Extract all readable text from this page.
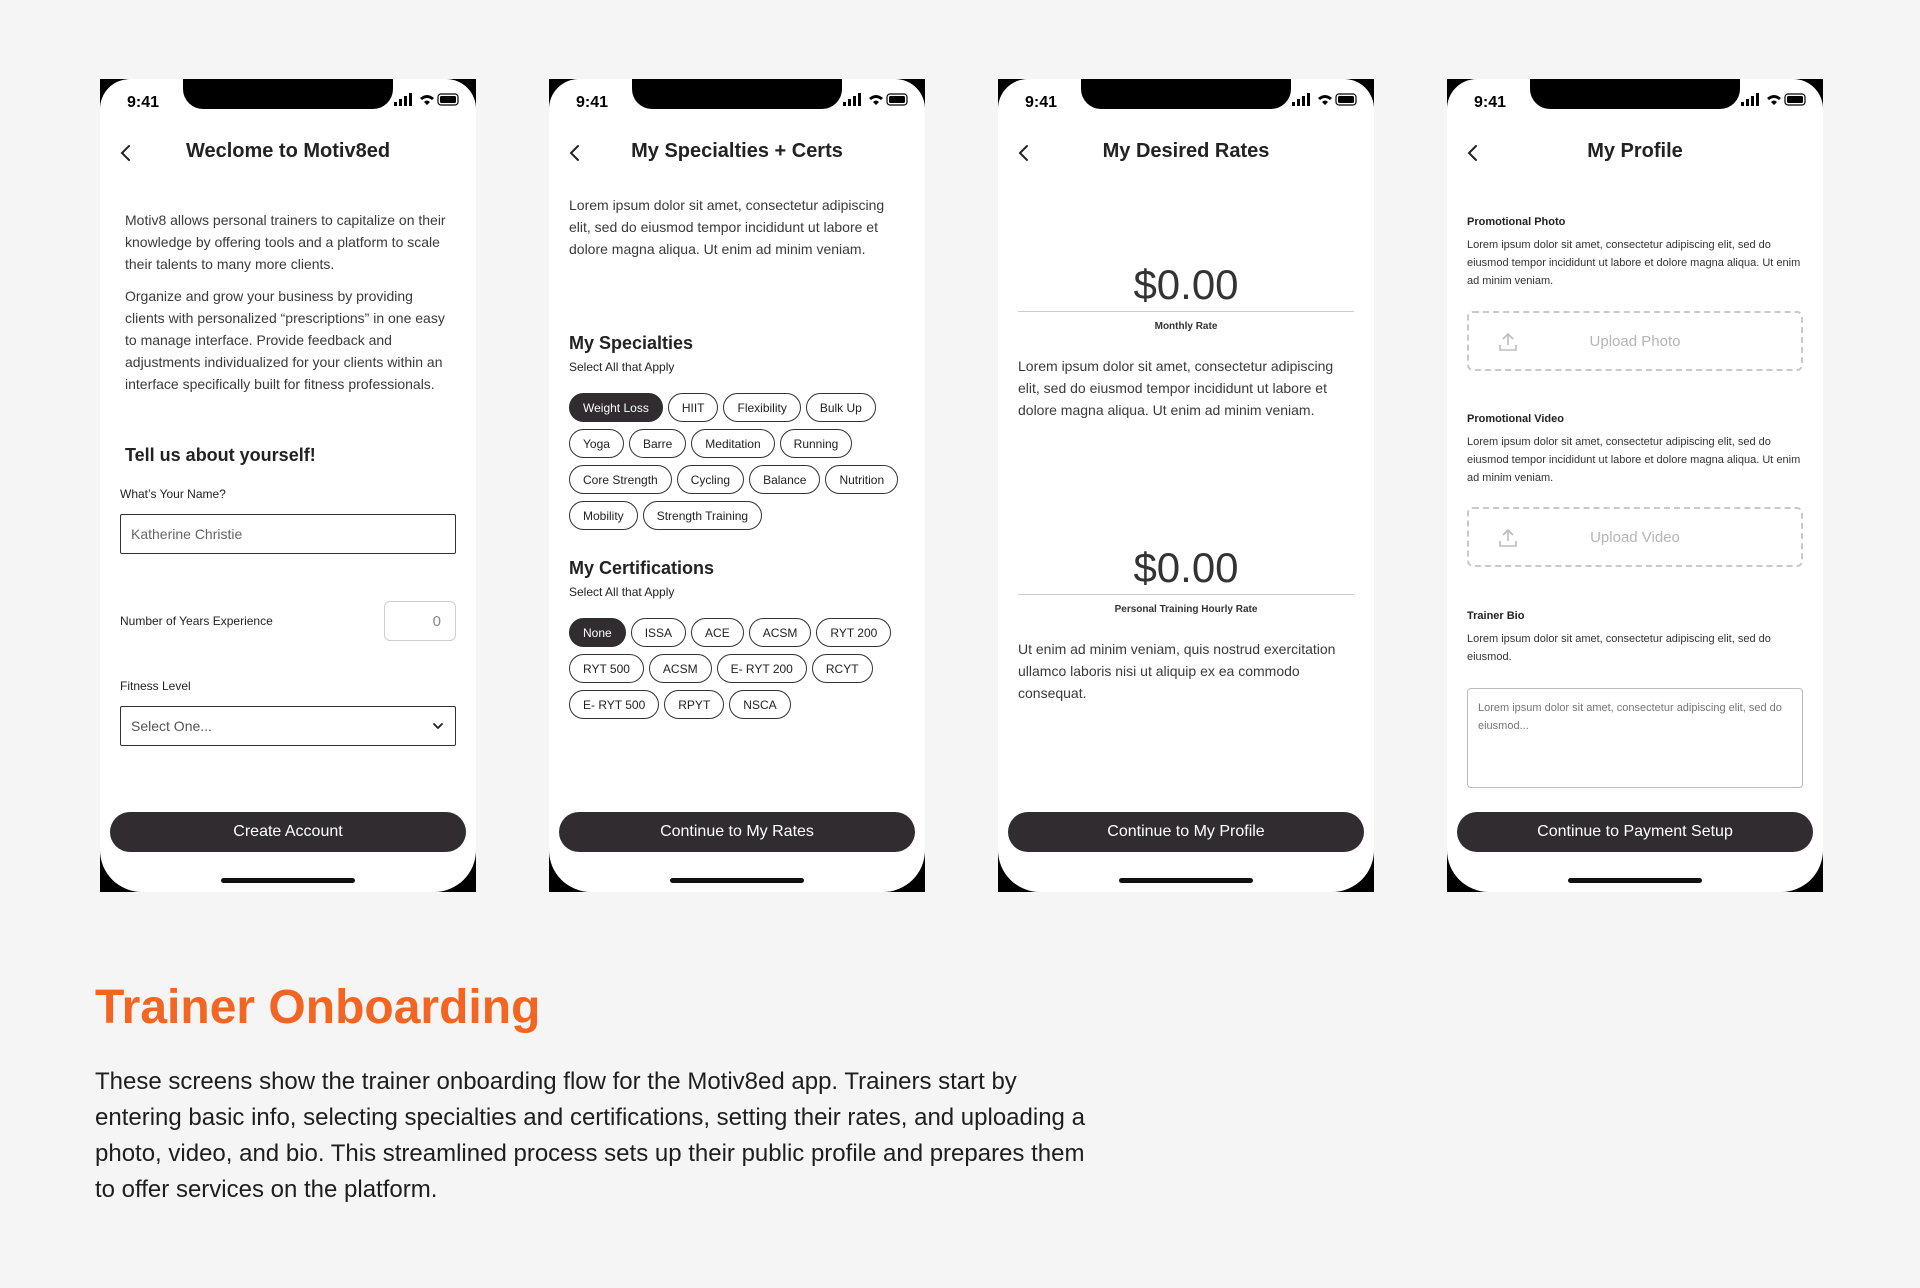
9:41
Weclome to Motiv8ed
Motiv8 allows personal trainers to capitalize on their knowledge by offering tools and a platform to scale their talents to many more clients.
Organize and grow your business by providing clients with personalized “prescriptions” in one easy to manage interface. Provide feedback and adjustments individualized for your clients within an interface specifically built for fitness professionals.
Tell us about yourself!
What’s Your Name?
Katherine Christie
Number of Years Experience	0
Fitness Level
Select One...
Create Account
9:41
My Specialties + Certs
Lorem ipsum dolor sit amet, consectetur adipiscing elit, sed do eiusmod tempor incididunt ut labore et dolore magna aliqua. Ut enim ad minim veniam.
My Specialties
Select All that Apply
Weight Loss	HIIT	Flexibility	Bulk Up
Yoga	Barre	Meditation	Running
Core Strength	Cycling	Balance	Nutrition
Mobility	Strength Training
My Certifications
Select All that Apply
None	ISSA	ACE	ACSM	RYT 200
RYT 500	ACSM	E- RYT 200	RCYT
E- RYT 500	RPYT	NSCA
Continue to My Rates
9:41
My Desired Rates
$0.00
Monthly Rate
Lorem ipsum dolor sit amet, consectetur adipiscing elit, sed do eiusmod tempor incididunt ut labore et dolore magna aliqua. Ut enim ad minim veniam.
$0.00
Personal Training Hourly Rate
Ut enim ad minim veniam, quis nostrud exercitation ullamco laboris nisi ut aliquip ex ea commodo consequat.
Continue to My Profile
9:41
My Profile
Promotional Photo
Lorem ipsum dolor sit amet, consectetur adipiscing elit, sed do eiusmod tempor incididunt ut labore et dolore magna aliqua. Ut enim ad minim veniam.
Upload Photo
Promotional Video
Lorem ipsum dolor sit amet, consectetur adipiscing elit, sed do eiusmod tempor incididunt ut labore et dolore magna aliqua. Ut enim ad minim veniam.
Upload Video
Trainer Bio
Lorem ipsum dolor sit amet, consectetur adipiscing elit, sed do eiusmod.
Lorem ipsum dolor sit amet, consectetur adipiscing elit, sed do eiusmod...
Continue to Payment Setup
Trainer Onboarding
These screens show the trainer onboarding flow for the Motiv8ed app. Trainers start by entering basic info, selecting specialties and certifications, setting their rates, and uploading a photo, video, and bio. This streamlined process sets up their public profile and prepares them to offer services on the platform.
